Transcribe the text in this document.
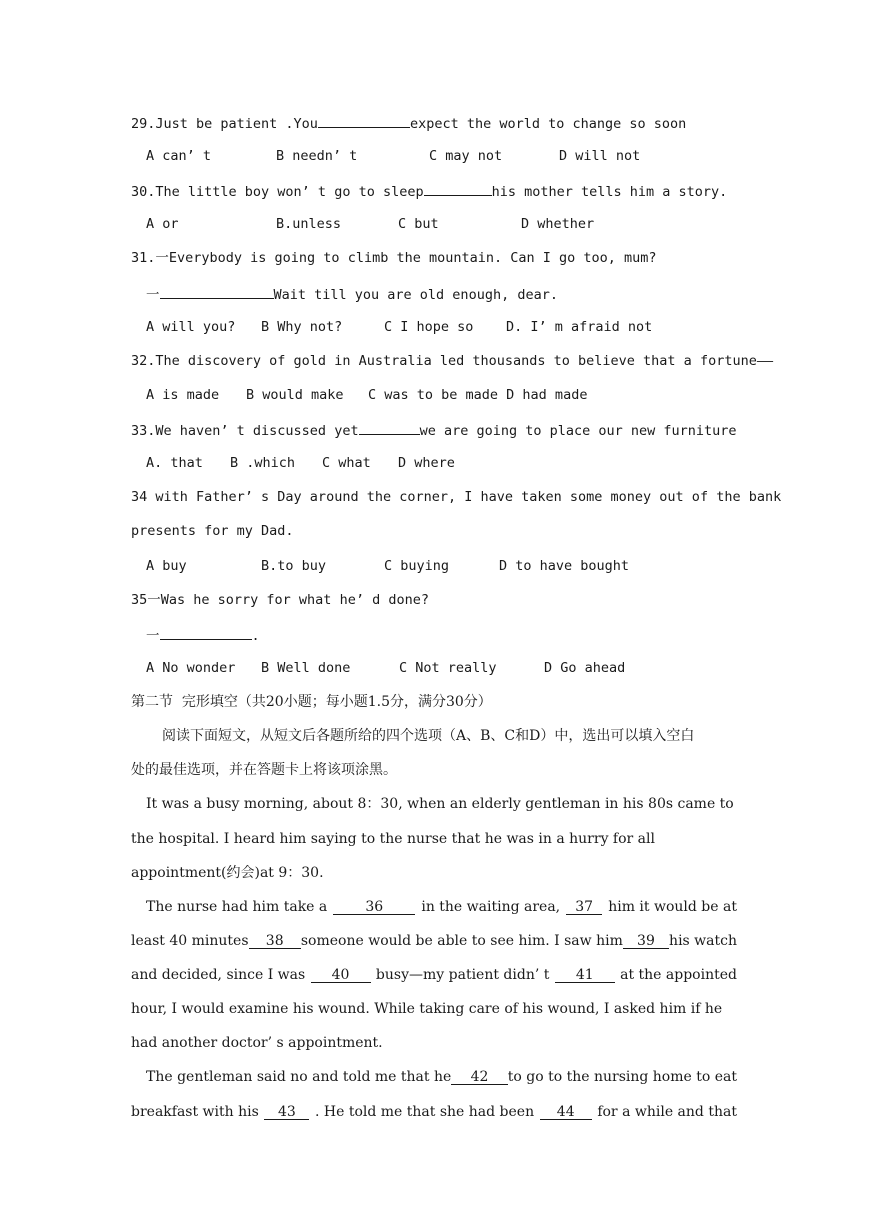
29.Just be patient .You	expect the world to change so soon
A can’ t	B needn’ t	C may not	D will not
30.The little boy won’ t go to sleep	his mother tells him a story.
A or	B.unless	C but	D whether
31.一Everybody is going to climb the mountain. Can I go too, mum?
一	Wait till you are old enough, dear.
A will you? B Why not?	C I hope so D. I’ m afraid not
32.The discovery of gold in Australia led thousands to believe that a fortune——
A is made B would make C was to be made D had made
33.We haven’ t discussed yet	we are going to place our new furniture
A. that B .which C what D where
34 with Father’ s Day around the corner, I have taken some money out of the bank
presents for my Dad.
A buy	B.to buy	C buying	D to have bought
35一Was he sorry for what he’ d done?
一	.
A No wonder B Well done	C Not really	D Go ahead
第二节  完形填空（共20小题；每小题1.5分，满分30分）
阅读下面短文，从短文后各题所给的四个选项（A、B、C和D）中，选出可以填入空白
处的最佳选项，并在答题卡上将该项涂黑。
It was a busy morning, about 8：30, when an elderly gentleman in his 80s came to
the hospital. I heard him saying to the nurse that he was in a hurry for all
appointment(约会)at 9：30.
The nurse had him take a	36	in the waiting area,	37	him it would be at
least 40 minutes	38	someone would be able to see him. I saw him	39	his watch
and decided, since I was	40	busy—my patient didn’ t	41	at the appointed
hour, I would examine his wound. While taking care of his wound, I asked him if he
had another doctor’ s appointment.
The gentleman said no and told me that he	42	to go to the nursing home to eat
breakfast with his	43	. He told me that she had been	44	for a while and that
